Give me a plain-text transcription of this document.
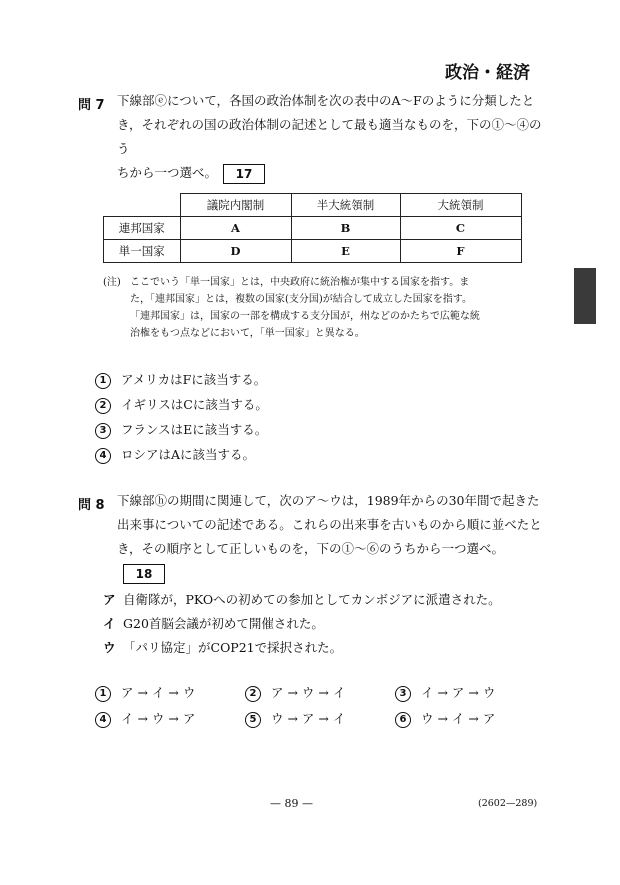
政治・経済
問 7 下線部ⓔについて，各国の政治体制を次の表中のA～Fのように分類したと
き，それぞれの国の政治体制の記述として最も適当なものを，下の①～④のう
ちから一つ選べ。 17
	議院内閣制	半大統領制	大統領制
連邦国家	A	B	C
単一国家	D	E	F
(注) ここでいう「単一国家」とは，中央政府に統治権が集中する国家を指す。ま
た，「連邦国家」とは，複数の国家(支分国)が結合して成立した国家を指す。
「連邦国家」は，国家の一部を構成する支分国が，州などのかたちで広範な統
治権をもつ点などにおいて，「単一国家」と異なる。
1 アメリカはFに該当する。
2 イギリスはCに該当する。
3 フランスはEに該当する。
4 ロシアはAに該当する。
問 8 下線部ⓗの期間に関連して，次のア～ウは，1989年からの30年間で起きた
出来事についての記述である。これらの出来事を古いものから順に並べたと
き，その順序として正しいものを，下の①～⑥のうちから一つ選べ。18
ア 自衛隊が，PKOへの初めての参加としてカンボジアに派遣された。
イ G20首脳会議が初めて開催された。
ウ 「パリ協定」がCOP21で採択された。
1 ア → イ → ウ	2 ア → ウ → イ	3 イ → ア → ウ
4 イ → ウ → ア	5 ウ → ア → イ	6 ウ → イ → ア
— 89 —	(2602—289)
